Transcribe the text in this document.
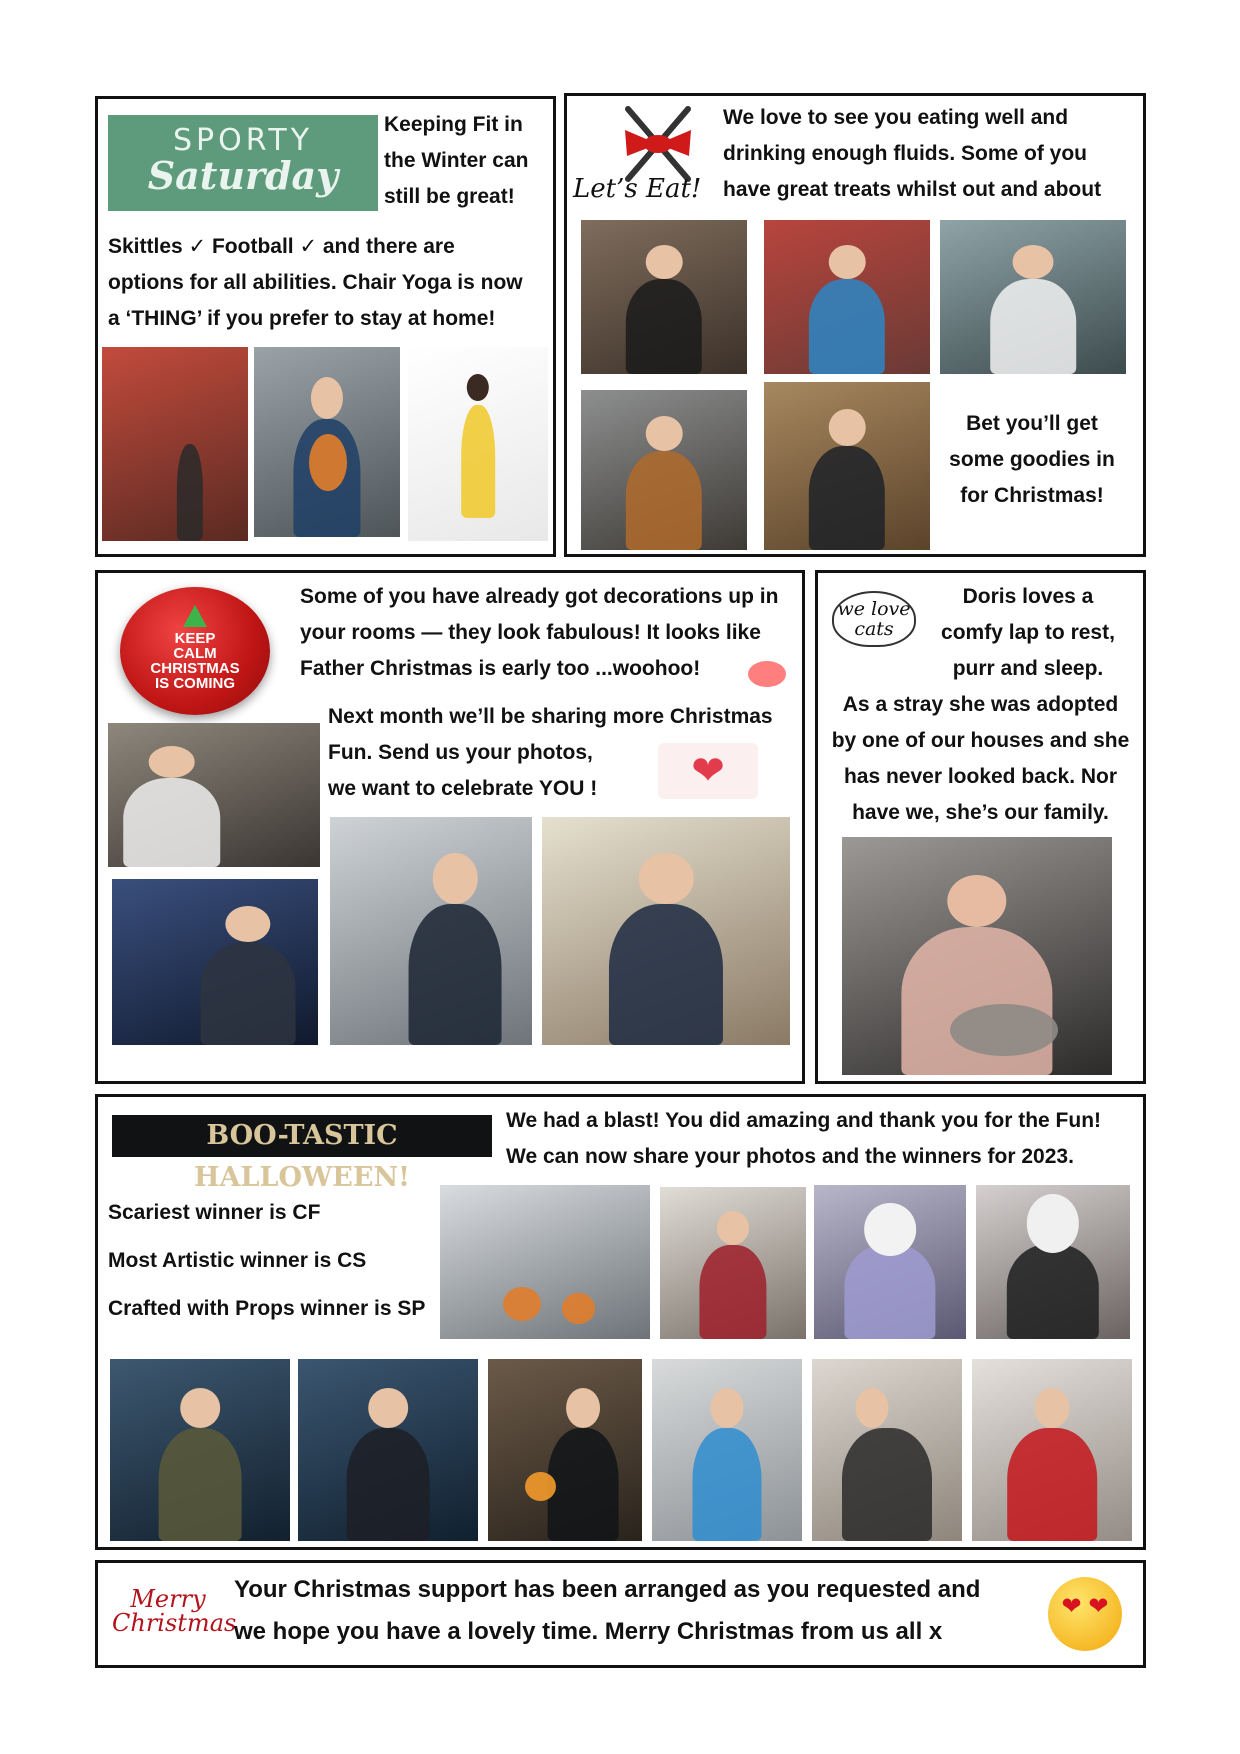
SPORTY
Saturday
Keeping Fit in
the Winter can
still be great!
Skittles ✓ Football ✓ and there are
options for all abilities. Chair Yoga is now
a ‘THING’ if you prefer to stay at home!
Let’s Eat!
We love to see you eating well and
drinking enough fluids. Some of you
have great treats whilst out and about
Bet you’ll get
some goodies in
for Christmas!
KEEP
CALM
CHRISTMAS
IS COMING
Some of you have already got decorations up in
your rooms — they look fabulous! It looks like
Father Christmas is early too ...woohoo!
Next month we’ll be sharing more Christmas
Fun. Send us your photos,
we want to celebrate YOU !	❤
we love cats
Doris loves a
comfy lap to rest,
purr and sleep.
As a stray she was adopted
by one of our houses and she
has never looked back. Nor
have we, she’s our family.
BOO-TASTIC HALLOWEEN!
We had a blast! You did amazing and thank you for the Fun!
We can now share your photos and the winners for 2023.
Scariest winner is CF
Most Artistic winner is CS
Crafted with Props winner is SP
Merry
Christmas
Your Christmas support has been arranged as you requested and
we hope you have a lovely time. Merry Christmas from us all x
❤ ❤
